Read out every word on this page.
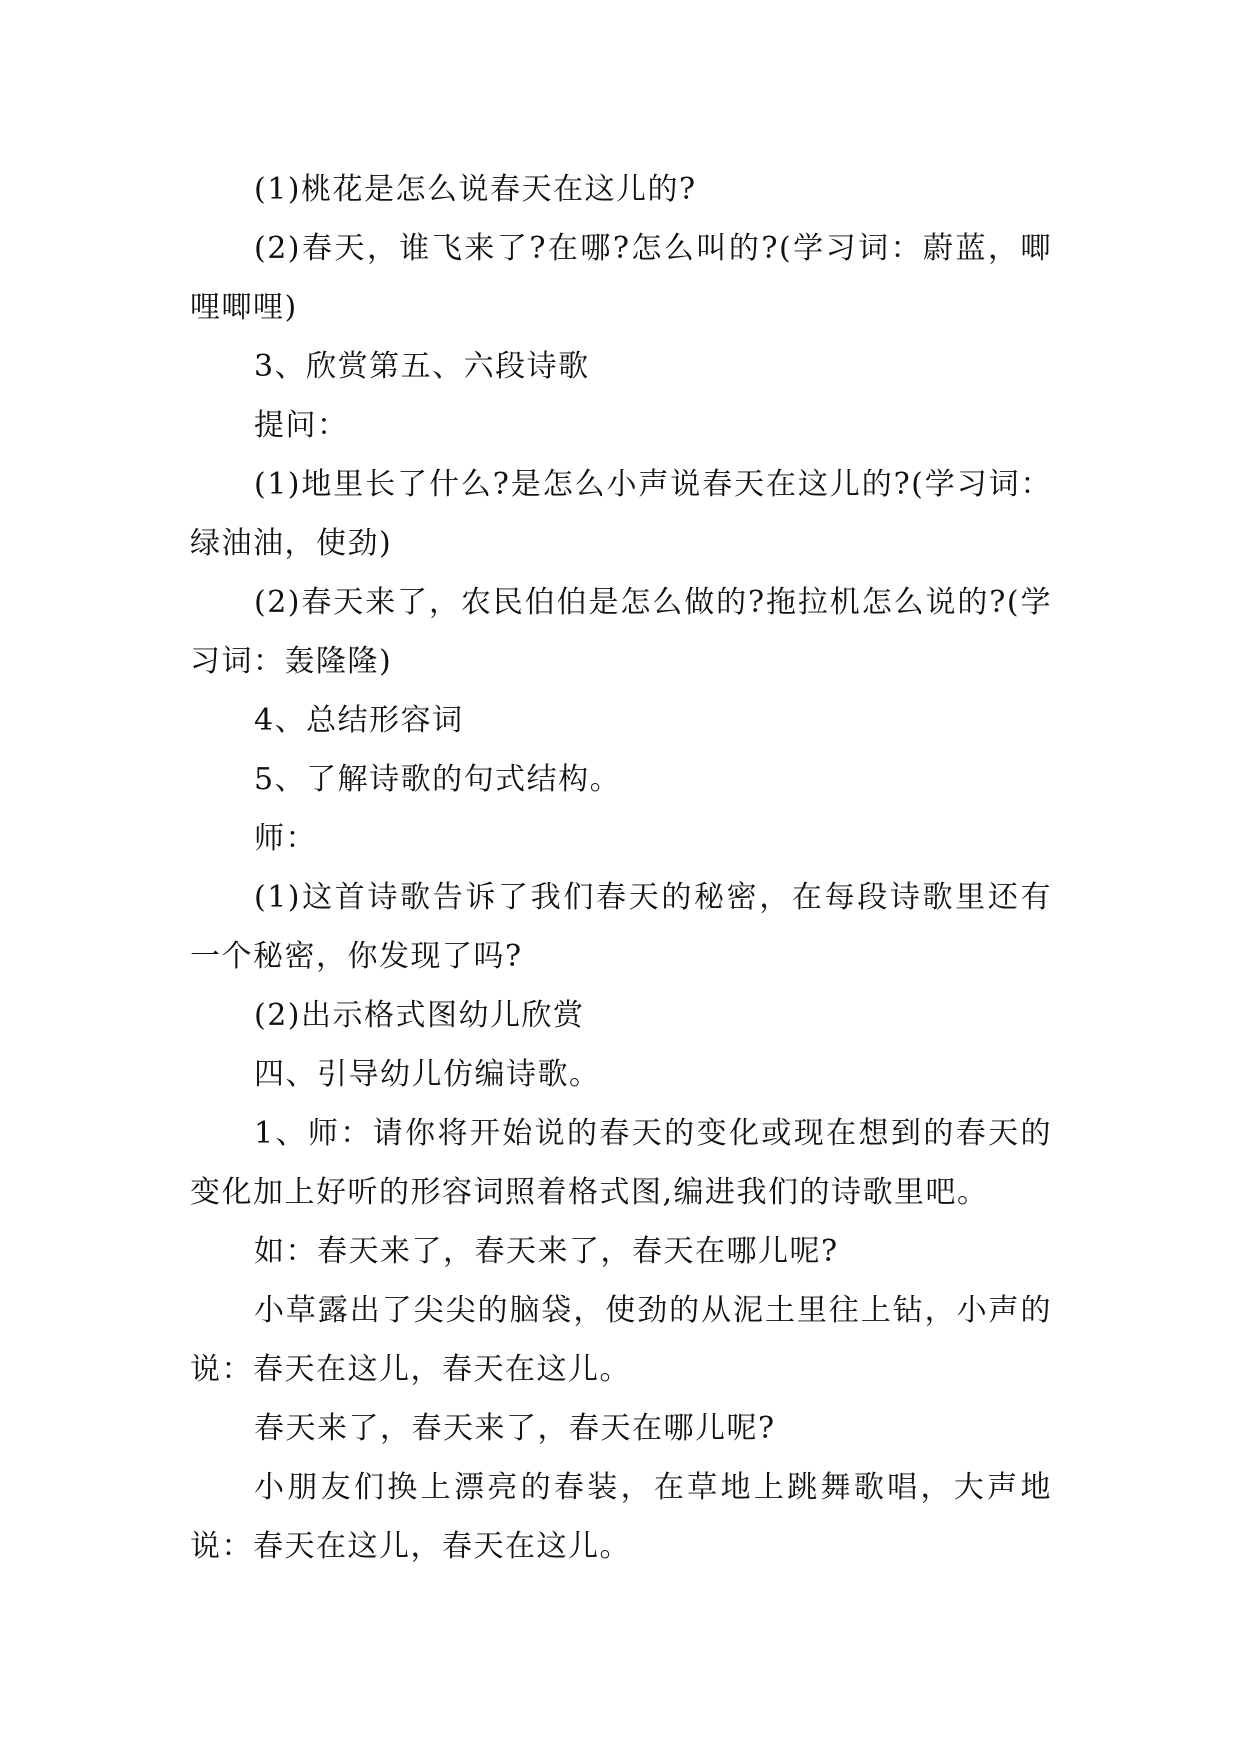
(1)桃花是怎么说春天在这儿的?

(2)春天，谁飞来了?在哪?怎么叫的?(学习词：蔚蓝，唧哩唧哩)

3、欣赏第五、六段诗歌

提问：

(1)地里长了什么?是怎么小声说春天在这儿的?(学习词：绿油油，使劲)

(2)春天来了，农民伯伯是怎么做的?拖拉机怎么说的?(学习词：轰隆隆)

4、总结形容词

5、了解诗歌的句式结构。

师：

(1)这首诗歌告诉了我们春天的秘密，在每段诗歌里还有一个秘密，你发现了吗?

(2)出示格式图幼儿欣赏

四、引导幼儿仿编诗歌。

1、师：请你将开始说的春天的变化或现在想到的春天的变化加上好听的形容词照着格式图,编进我们的诗歌里吧。

如：春天来了，春天来了，春天在哪儿呢?

小草露出了尖尖的脑袋，使劲的从泥土里往上钻，小声的说：春天在这儿，春天在这儿。

春天来了，春天来了，春天在哪儿呢?

小朋友们换上漂亮的春装，在草地上跳舞歌唱，大声地说：春天在这儿，春天在这儿。
